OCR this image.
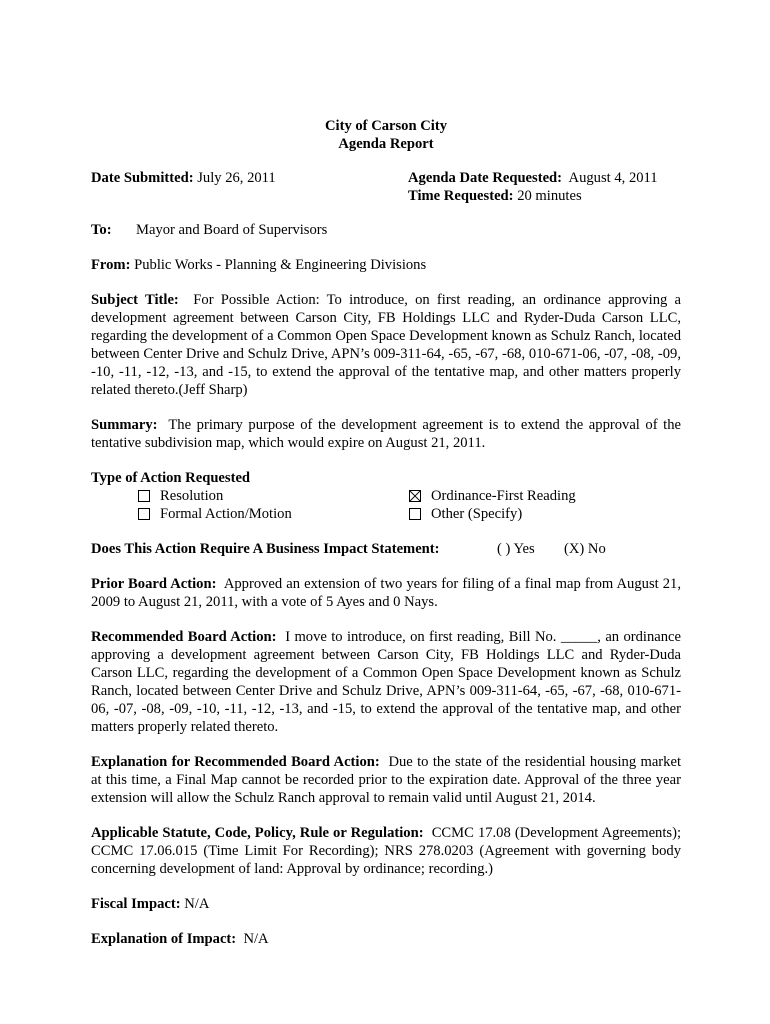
City of Carson City
Agenda Report
Date Submitted: July 26, 2011	Agenda Date Requested: August 4, 2011
Time Requested: 20 minutes
To: Mayor and Board of Supervisors
From: Public Works - Planning & Engineering Divisions
Subject Title: For Possible Action: To introduce, on first reading, an ordinance approving a development agreement between Carson City, FB Holdings LLC and Ryder-Duda Carson LLC, regarding the development of a Common Open Space Development known as Schulz Ranch, located between Center Drive and Schulz Drive, APN’s 009-311-64, -65, -67, -68, 010-671-06, -07, -08, -09, -10, -11, -12, -13, and -15, to extend the approval of the tentative map, and other matters properly related thereto.(Jeff Sharp)
Summary: The primary purpose of the development agreement is to extend the approval of the tentative subdivision map, which would expire on August 21, 2011.
Type of Action Requested
Resolution
Formal Action/Motion
Ordinance-First Reading
Other (Specify)
Does This Action Require A Business Impact Statement:	( ) Yes (X) No
Prior Board Action: Approved an extension of two years for filing of a final map from August 21, 2009 to August 21, 2011, with a vote of 5 Ayes and 0 Nays.
Recommended Board Action: I move to introduce, on first reading, Bill No. _____, an ordinance approving a development agreement between Carson City, FB Holdings LLC and Ryder-Duda Carson LLC, regarding the development of a Common Open Space Development known as Schulz Ranch, located between Center Drive and Schulz Drive, APN’s 009-311-64, -65, -67, -68, 010-671-06, -07, -08, -09, -10, -11, -12, -13, and -15, to extend the approval of the tentative map, and other matters properly related thereto.
Explanation for Recommended Board Action: Due to the state of the residential housing market at this time, a Final Map cannot be recorded prior to the expiration date. Approval of the three year extension will allow the Schulz Ranch approval to remain valid until August 21, 2014.
Applicable Statute, Code, Policy, Rule or Regulation: CCMC 17.08 (Development Agreements); CCMC 17.06.015 (Time Limit For Recording); NRS 278.0203 (Agreement with governing body concerning development of land: Approval by ordinance; recording.)
Fiscal Impact: N/A
Explanation of Impact: N/A
